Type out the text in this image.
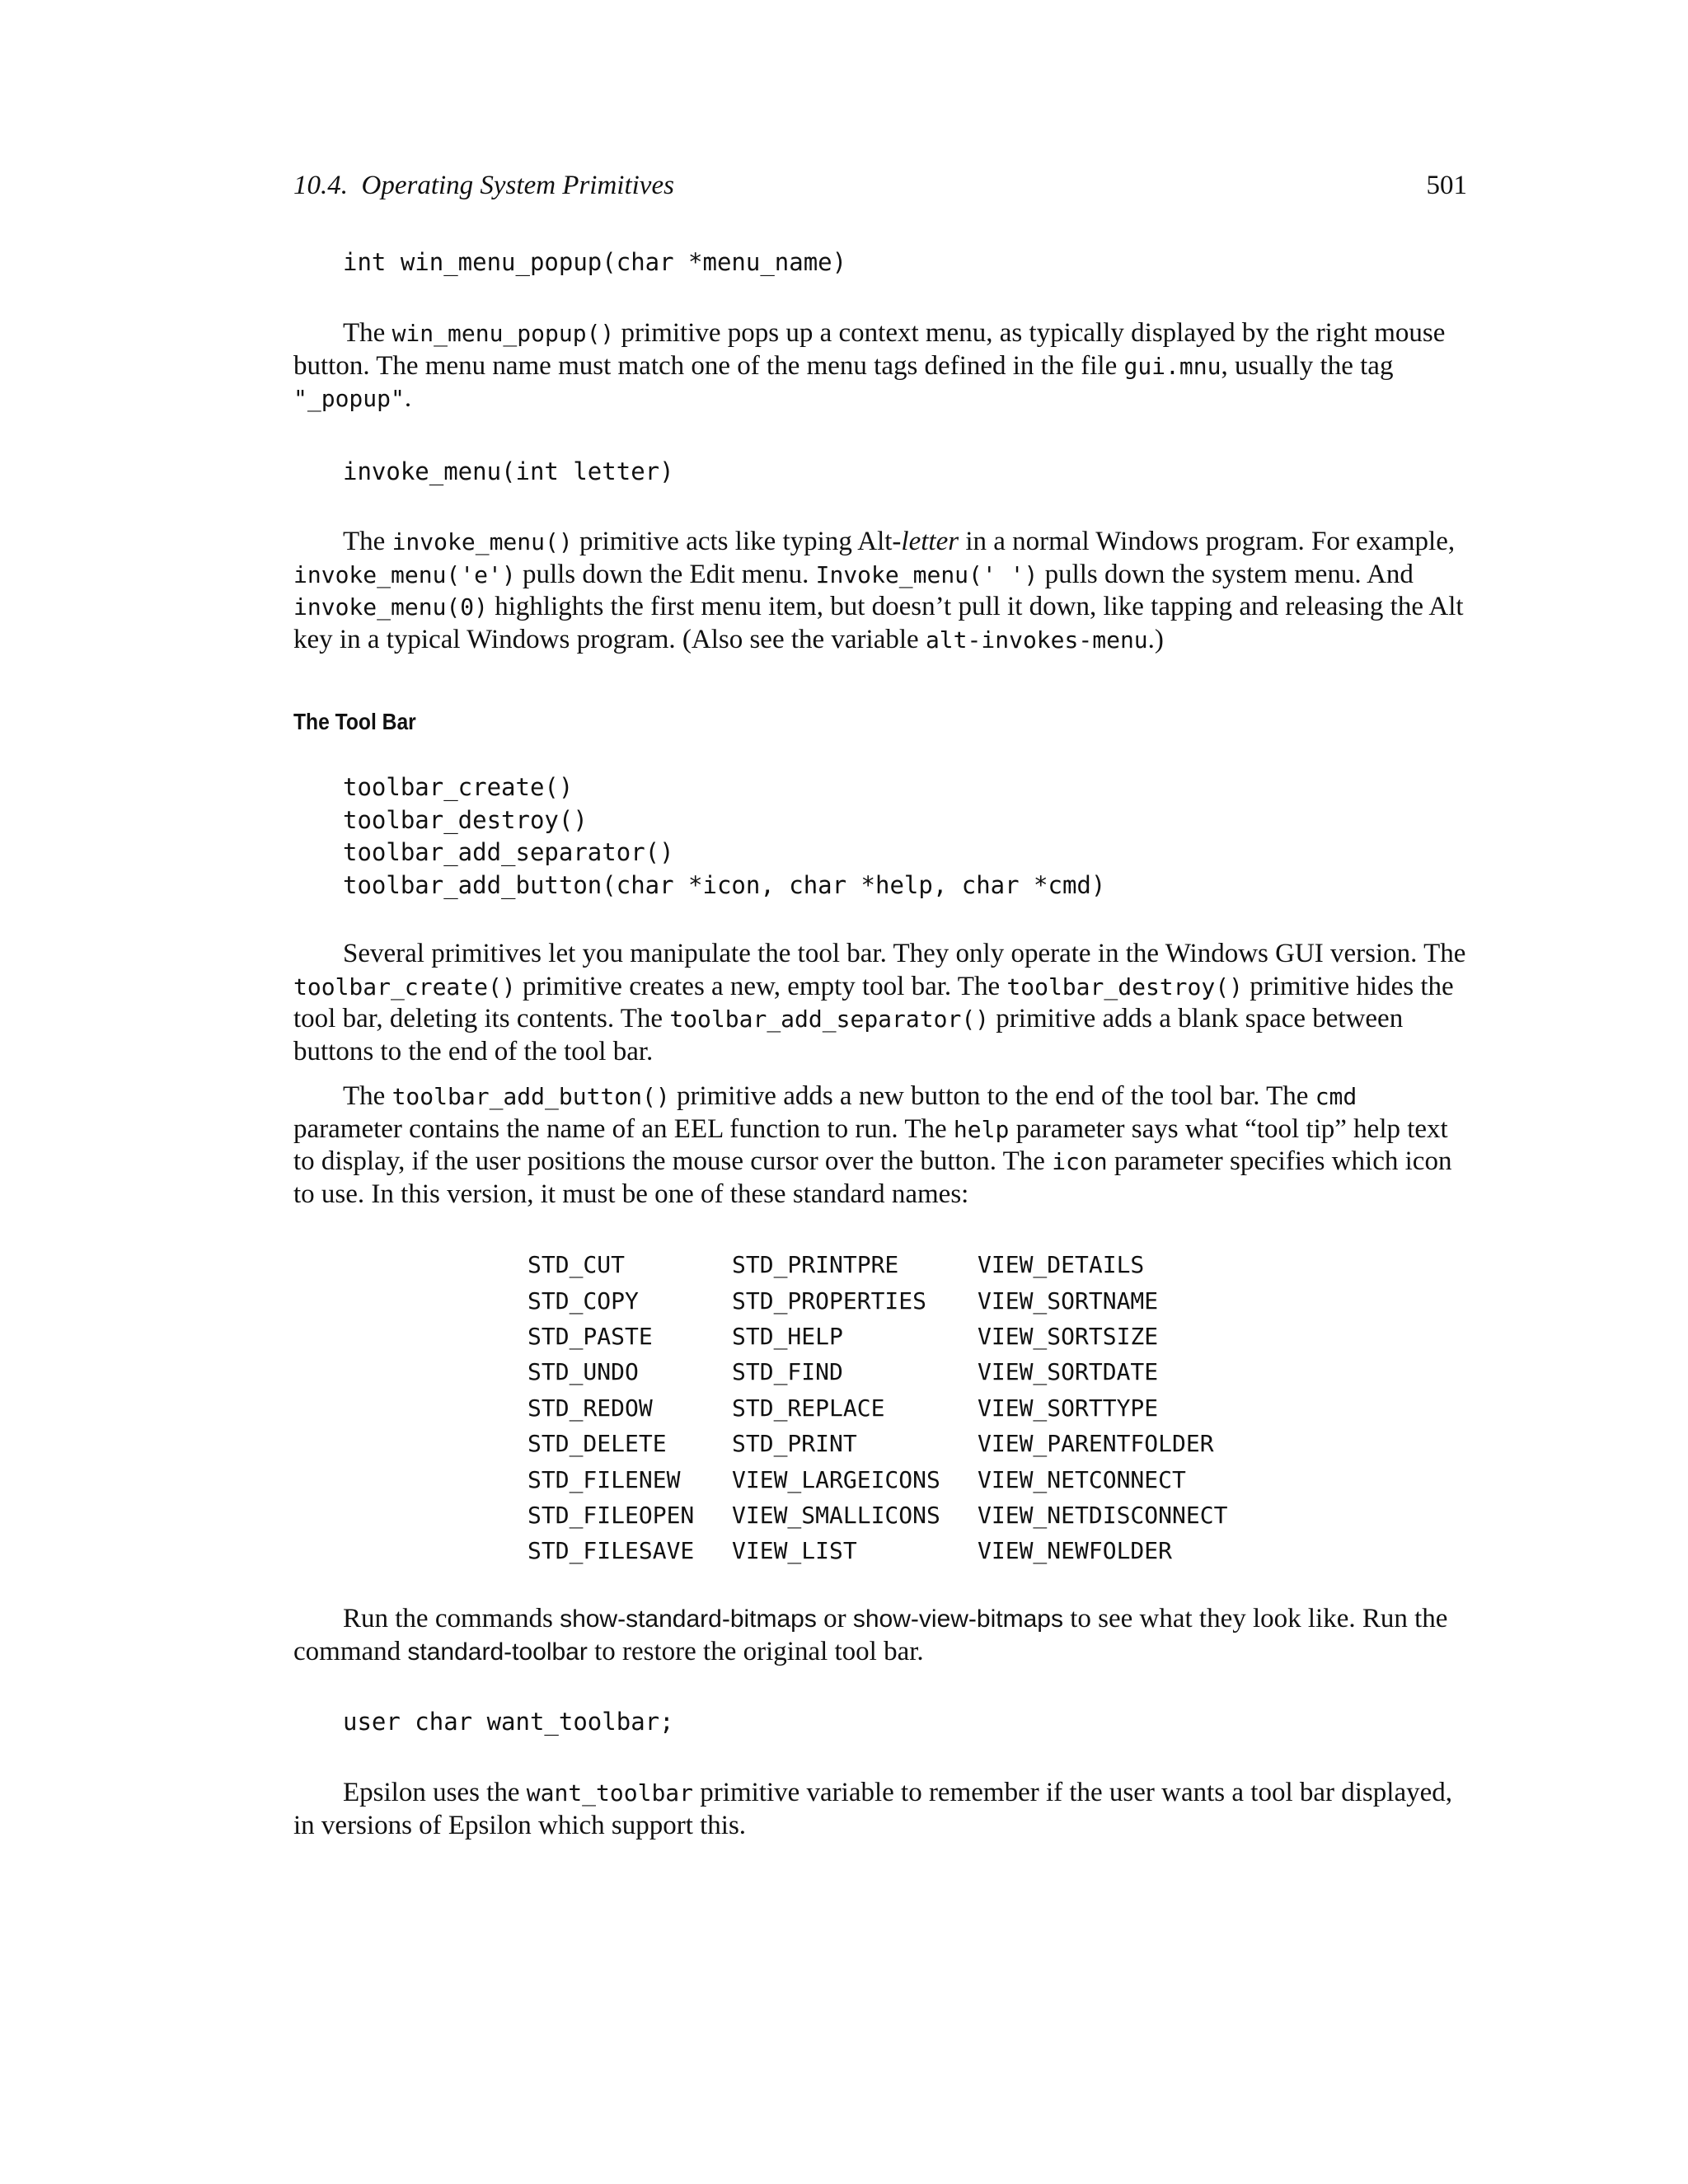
10.4.  Operating System Primitives	501
int win_menu_popup(char *menu_name)
The win_menu_popup() primitive pops up a context menu, as typically displayed by the right mouse button. The menu name must match one of the menu tags defined in the file gui.mnu, usually the tag "_popup".
invoke_menu(int letter)
The invoke_menu() primitive acts like typing Alt-letter in a normal Windows program. For example, invoke_menu('e') pulls down the Edit menu. Invoke_menu(' ') pulls down the system menu. And invoke_menu(0) highlights the first menu item, but doesn’t pull it down, like tapping and releasing the Alt key in a typical Windows program. (Also see the variable alt-invokes-menu.)
The Tool Bar
toolbar_create()
toolbar_destroy()
toolbar_add_separator()
toolbar_add_button(char *icon, char *help, char *cmd)
Several primitives let you manipulate the tool bar. They only operate in the Windows GUI version. The toolbar_create() primitive creates a new, empty tool bar. The toolbar_destroy() primitive hides the tool bar, deleting its contents. The toolbar_add_separator() primitive adds a blank space between buttons to the end of the tool bar.
The toolbar_add_button() primitive adds a new button to the end of the tool bar. The cmd parameter contains the name of an EEL function to run. The help parameter says what “tool tip” help text to display, if the user positions the mouse cursor over the button. The icon parameter specifies which icon to use. In this version, it must be one of these standard names:
STD_CUT	STD_PRINTPRE	VIEW_DETAILS
STD_COPY	STD_PROPERTIES	VIEW_SORTNAME
STD_PASTE	STD_HELP	VIEW_SORTSIZE
STD_UNDO	STD_FIND	VIEW_SORTDATE
STD_REDOW	STD_REPLACE	VIEW_SORTTYPE
STD_DELETE	STD_PRINT	VIEW_PARENTFOLDER
STD_FILENEW	VIEW_LARGEICONS	VIEW_NETCONNECT
STD_FILEOPEN	VIEW_SMALLICONS	VIEW_NETDISCONNECT
STD_FILESAVE	VIEW_LIST	VIEW_NEWFOLDER
Run the commands show-standard-bitmaps or show-view-bitmaps to see what they look like. Run the command standard-toolbar to restore the original tool bar.
user char want_toolbar;
Epsilon uses the want_toolbar primitive variable to remember if the user wants a tool bar displayed, in versions of Epsilon which support this.
